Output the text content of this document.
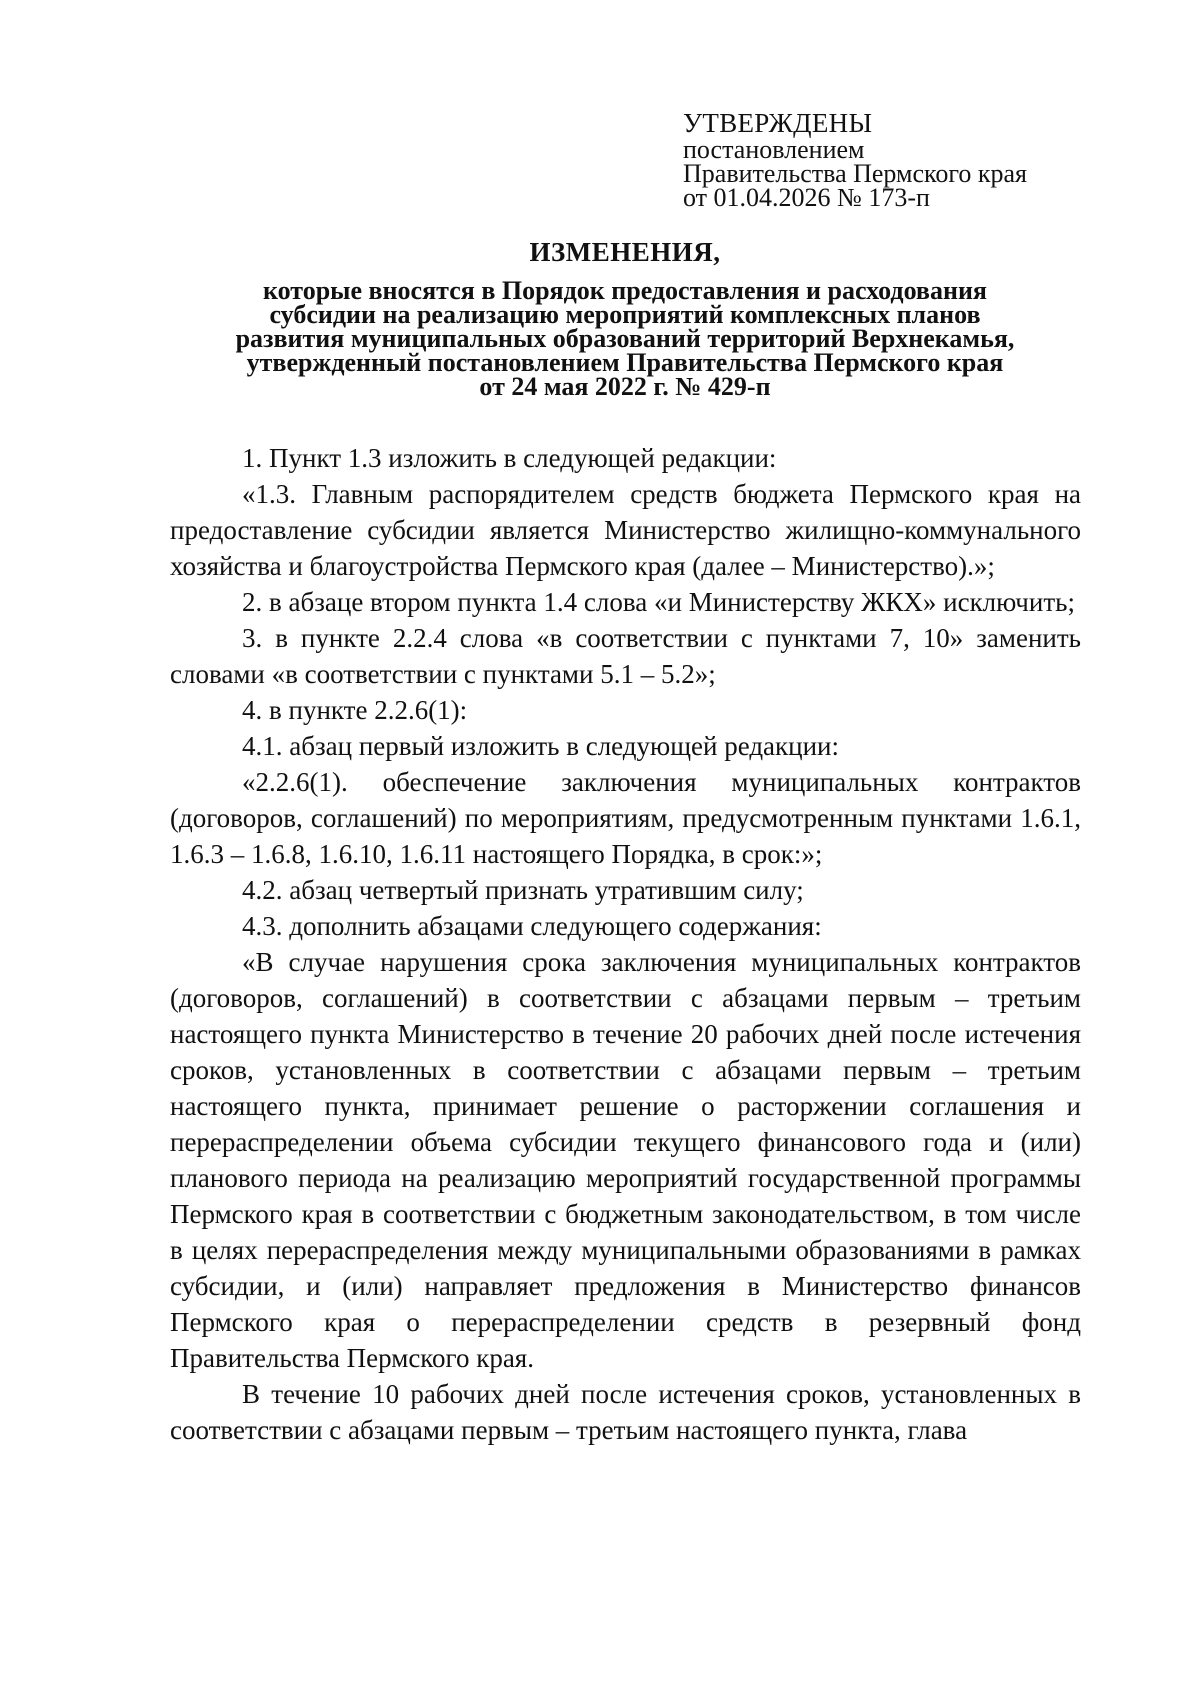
УТВЕРЖДЕНЫ
постановлением
Правительства Пермского края
от 01.04.2026 № 173-п
ИЗМЕНЕНИЯ,
которые вносятся в Порядок предоставления и расходования
субсидии на реализацию мероприятий комплексных планов
развития муниципальных образований территорий Верхнекамья,
утвержденный постановлением Правительства Пермского края
от 24 мая 2022 г. № 429-п

1. Пункт 1.3 изложить в следующей редакции:

«1.3. Главным распорядителем средств бюджета Пермского края на предоставление субсидии является Министерство жилищно-коммунального хозяйства и благоустройства Пермского края (далее – Министерство).»;

2. в абзаце втором пункта 1.4 слова «и Министерству ЖКХ» исключить;

3. в пункте 2.2.4 слова «в соответствии с пунктами 7, 10» заменить словами «в соответствии с пунктами 5.1 – 5.2»;

4. в пункте 2.2.6(1):

4.1. абзац первый изложить в следующей редакции:

«2.2.6(1). обеспечение заключения муниципальных контрактов (договоров, соглашений) по мероприятиям, предусмотренным пунктами 1.6.1, 1.6.3 – 1.6.8, 1.6.10, 1.6.11 настоящего Порядка, в срок:»;

4.2. абзац четвертый признать утратившим силу;

4.3. дополнить абзацами следующего содержания:

«В случае нарушения срока заключения муниципальных контрактов (договоров, соглашений) в соответствии с абзацами первым – третьим настоящего пункта Министерство в течение 20 рабочих дней после истечения сроков, установленных в соответствии с абзацами первым – третьим настоящего пункта, принимает решение о расторжении соглашения и перераспределении объема субсидии текущего финансового года и (или) планового периода на реализацию мероприятий государственной программы Пермского края в соответствии с бюджетным законодательством, в том числе в целях перераспределения между муниципальными образованиями в рамках субсидии, и (или) направляет предложения в Министерство финансов Пермского края о перераспределении средств в резервный фонд Правительства Пермского края.

В течение 10 рабочих дней после истечения сроков, установленных в соответствии с абзацами первым – третьим настоящего пункта, глава
